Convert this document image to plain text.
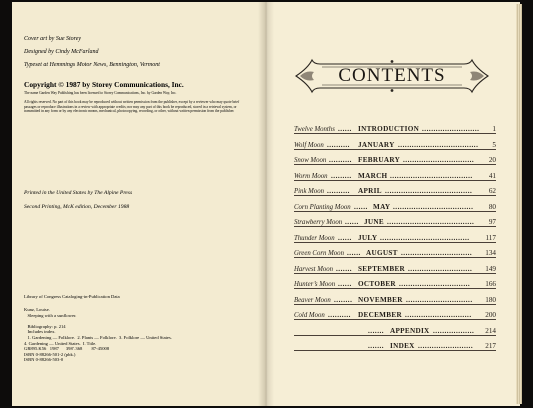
Cover art by Sue Storey
Designed by Cindy McFarland
Typeset at Hemmings Motor News, Bennington, Vermont
Copyright © 1987 by Storey Communications, Inc.
The name Garden Way Publishing has been licensed to Storey Communications, Inc. by Garden Way, Inc.
All rights reserved. No part of this book may be reproduced without written permission from the publisher, except by a reviewer who may quote brief passages or reproduce illustrations in a review with appropriate credits; nor may any part of this book be reproduced, stored in a retrieval system, or transmitted in any form or by any electronic means, mechanical, photocopying, recording, or other, without written permission from the publisher.
Printed in the United States by The Alpine Press
Second Printing, McK edition, December 1988
Library of Congress Cataloging-in-Publication Data
Kunz, Louise.
Sleeping with a sunflower.
Bibliography: p. 214
Includes index.
1. Gardening — Folklore.  2. Plants — Folklore.  3. Folklore — United States.
4. Gardening — United States.  I. Title.
GR895.K56   1987      398’.368        87-45008
ISBN 0-88266-501-2 (pbk.)
ISBN 0-88266-503-0
CONTENTS
Twelve Months	INTRODUCTION	1
......	.........................
Wolf Moon	JANUARY	5
..........	...................................
Snow Moon	FEBRUARY	20
..........	...............................
Worm Moon	MARCH	41
.........	....................................
Pink Moon	APRIL	62
..........	......................................
Corn Planting Moon	MAY	80
......	...................................
Strawberry Moon	JUNE	97
......	......................................
Thunder Moon	JULY	117
......	.......................................
Green Corn Moon	AUGUST	134
......	...............................
Harvest Moon	SEPTEMBER	149
.......	............................
Hunter’s Moon	OCTOBER	166
......	...............................
Beaver Moon	NOVEMBER	180
........	.............................
Cold Moon	DECEMBER	200
..........	.............................
APPENDIX	214
.......	..................
INDEX	217
.......	........................
